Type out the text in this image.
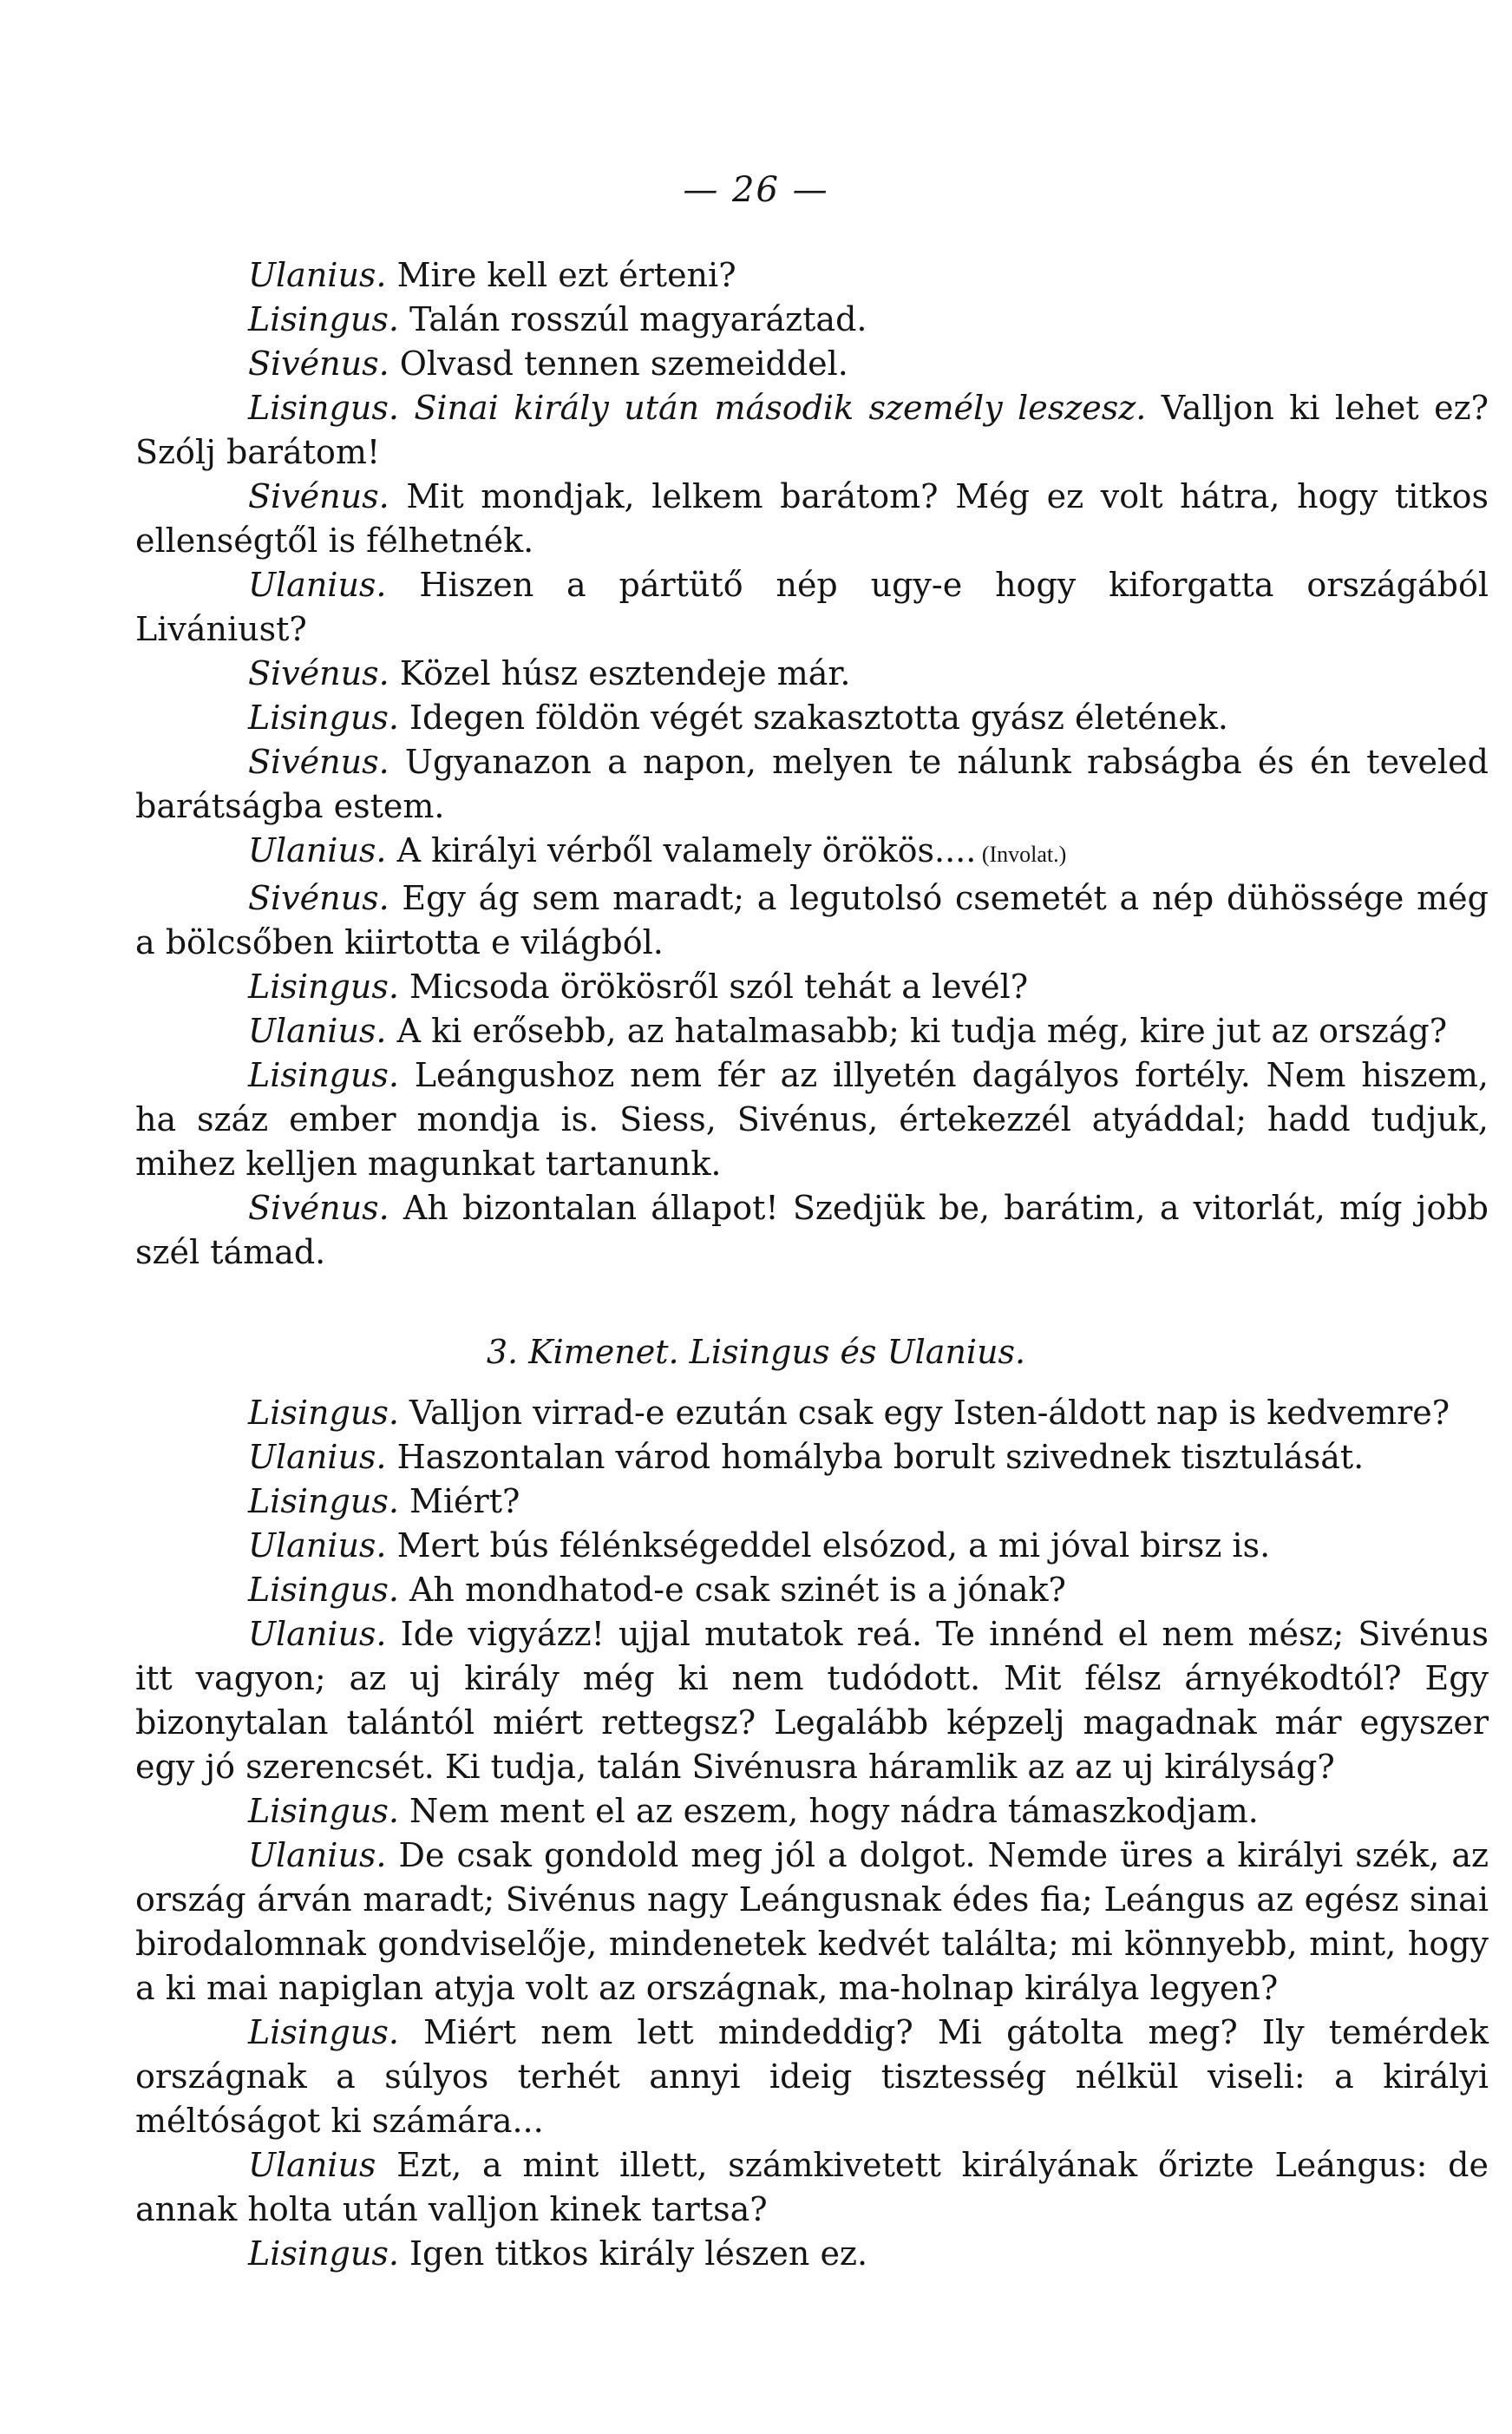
— 26 —

Ulanius. Mire kell ezt érteni?

Lisingus. Talán rosszúl magyaráztad.

Sivénus. Olvasd tennen szemeiddel.

Lisingus. Sinai király után második személy leszesz. Valljon ki lehet ez? Szólj barátom!

Sivénus. Mit mondjak, lelkem barátom? Még ez volt hátra, hogy titkos ellenségtől is félhetnék.

Ulanius. Hiszen a pártütő nép ugy-e hogy kiforgatta országából Livániust?

Sivénus. Közel húsz esztendeje már.

Lisingus. Idegen földön végét szakasztotta gyász életének.

Sivénus. Ugyanazon a napon, melyen te nálunk rabságba és én teveled barátságba estem.

Ulanius. A királyi vérből valamely örökös.... (Involat.)

Sivénus. Egy ág sem maradt; a legutolsó csemetét a nép dühössége még a bölcsőben kiirtotta e világból.

Lisingus. Micsoda örökösről szól tehát a levél?

Ulanius. A ki erősebb, az hatalmasabb; ki tudja még, kire jut az ország?

Lisingus. Leángushoz nem fér az illyetén dagályos fortély. Nem hiszem, ha száz ember mondja is. Siess, Sivénus, értekezzél atyáddal; hadd tudjuk, mihez kelljen magunkat tartanunk.

Sivénus. Ah bizontalan állapot! Szedjük be, barátim, a vitorlát, míg jobb szél támad.

3. Kimenet. Lisingus és Ulanius.

Lisingus. Valljon virrad-e ezután csak egy Isten-áldott nap is kedvemre?

Ulanius. Haszontalan várod homályba borult szivednek tisztulását.

Lisingus. Miért?

Ulanius. Mert bús félénkségeddel elsózod, a mi jóval birsz is.

Lisingus. Ah mondhatod-e csak szinét is a jónak?

Ulanius. Ide vigyázz! ujjal mutatok reá. Te innénd el nem mész; Sivénus itt vagyon; az uj király még ki nem tudódott. Mit félsz árnyékodtól? Egy bizonytalan talántól miért rettegsz? Legalább képzelj magadnak már egyszer egy jó szerencsét. Ki tudja, talán Sivénusra háramlik az az uj királyság?

Lisingus. Nem ment el az eszem, hogy nádra támaszkodjam.

Ulanius. De csak gondold meg jól a dolgot. Nemde üres a királyi szék, az ország árván maradt; Sivénus nagy Leángusnak édes fia; Leángus az egész sinai birodalomnak gondviselője, mindenetek kedvét találta; mi könnyebb, mint, hogy a ki mai napiglan atyja volt az országnak, ma-holnap királya legyen?

Lisingus. Miért nem lett mindeddig? Mi gátolta meg? Ily temérdek országnak a súlyos terhét annyi ideig tisztesség nélkül viseli: a királyi méltóságot ki számára...

Ulanius Ezt, a mint illett, számkivetett királyának őrizte Leángus: de annak holta után valljon kinek tartsa?

Lisingus. Igen titkos király lészen ez.
